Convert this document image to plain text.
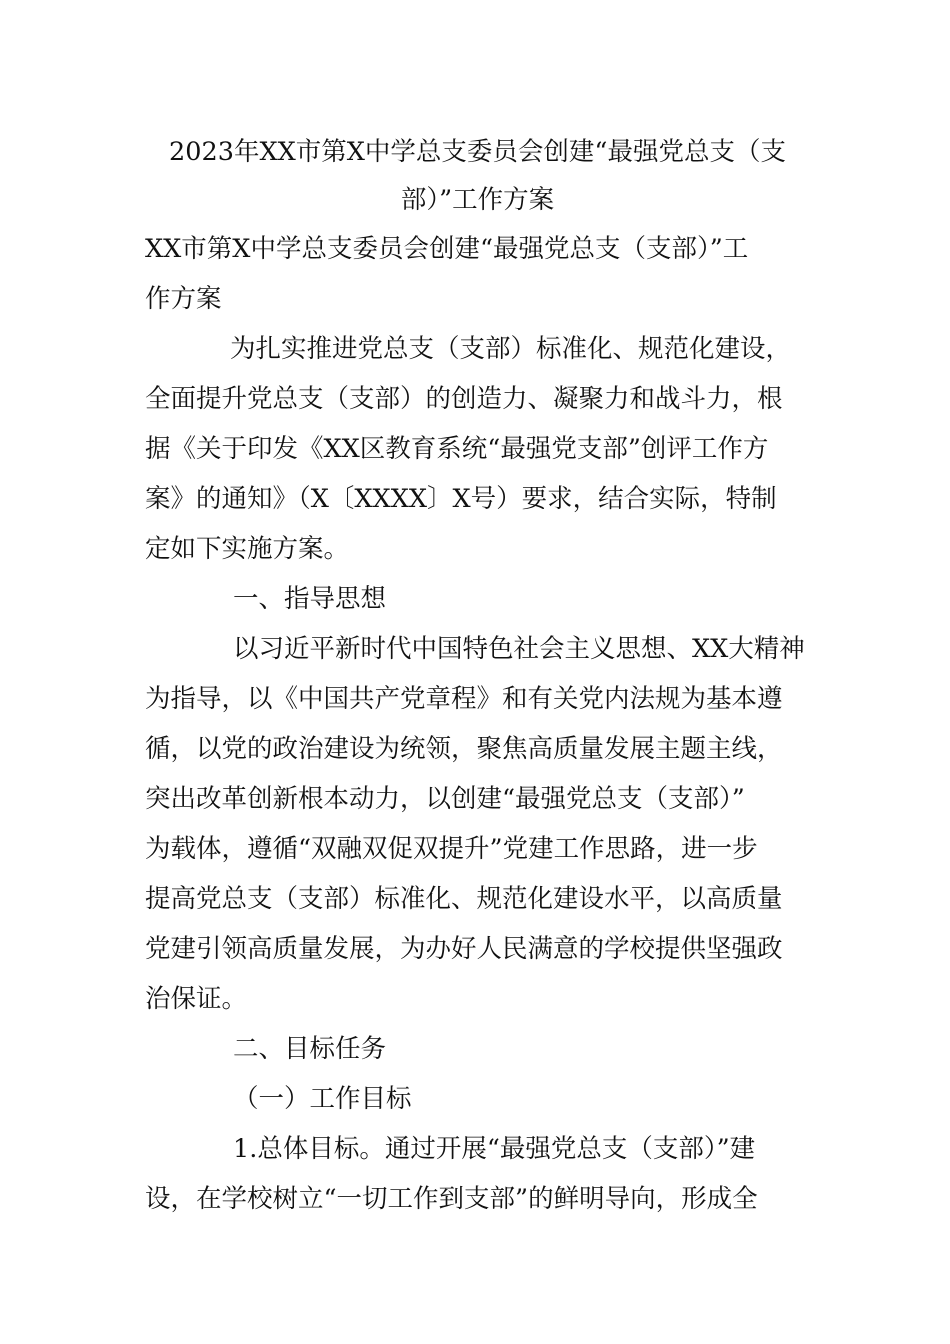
2023年XX市第X中学总支委员会创建“最强党总支（支
部）”工作方案
XX市第X中学总支委员会创建“最强党总支（支部）”工
作方案
为扎实推进党总支（支部）标准化、规范化建设，
全面提升党总支（支部）的创造力、凝聚力和战斗力，根
据《关于印发《XX区教育系统“最强党支部”创评工作方
案》的通知》（X〔XXXX〕X号）要求，结合实际，特制
定如下实施方案。
一、指导思想
以习近平新时代中国特色社会主义思想、XX大精神
为指导，以《中国共产党章程》和有关党内法规为基本遵
循，以党的政治建设为统领，聚焦高质量发展主题主线，
突出改革创新根本动力，以创建“最强党总支（支部）”
为载体，遵循“双融双促双提升”党建工作思路，进一步
提高党总支（支部）标准化、规范化建设水平，以高质量
党建引领高质量发展，为办好人民满意的学校提供坚强政
治保证。
二、目标任务
（一）工作目标
1.总体目标。通过开展“最强党总支（支部）”建
设，在学校树立“一切工作到支部”的鲜明导向，形成全
